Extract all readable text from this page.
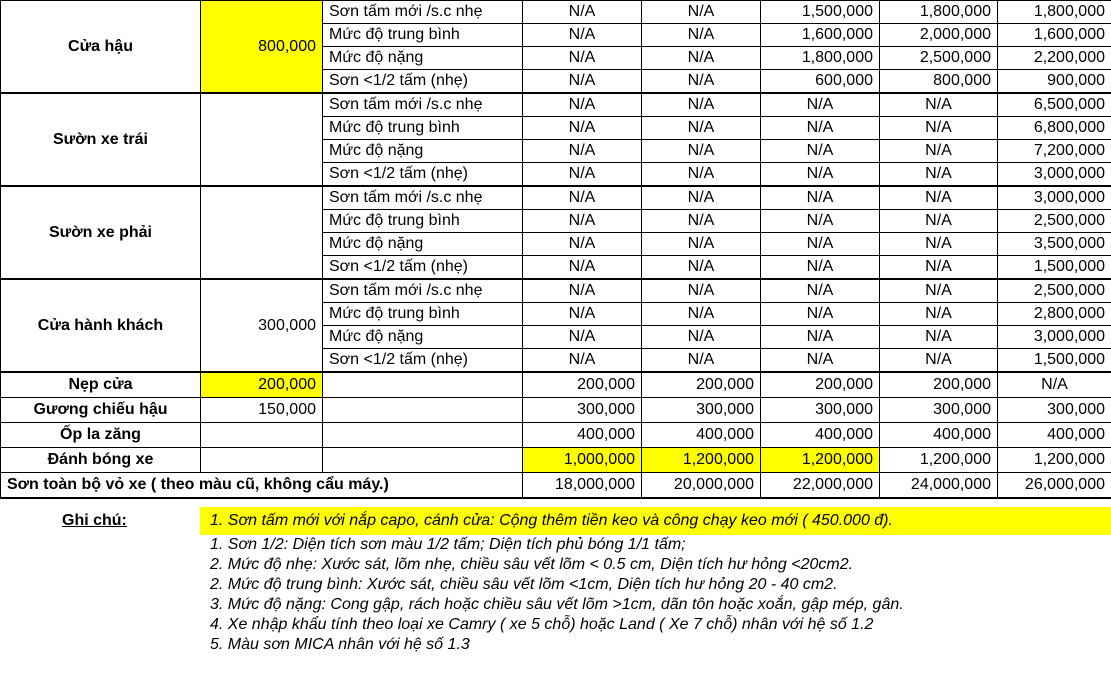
Cửa hậu	800,000	Sơn tấm mới /s.c nhẹ	N/A	N/A	1,500,000	1,800,000	1,800,000
		Mức độ trung bình	N/A	N/A	1,600,000	2,000,000	1,600,000
		Mức độ nặng	N/A	N/A	1,800,000	2,500,000	2,200,000
		Sơn <1/2 tấm (nhẹ)	N/A	N/A	600,000	800,000	900,000
Sườn xe trái		Sơn tấm mới /s.c nhẹ	N/A	N/A	N/A	N/A	6,500,000
		Mức độ trung bình	N/A	N/A	N/A	N/A	6,800,000
		Mức độ nặng	N/A	N/A	N/A	N/A	7,200,000
		Sơn <1/2 tấm (nhẹ)	N/A	N/A	N/A	N/A	3,000,000
Sườn xe phải		Sơn tấm mới /s.c nhẹ	N/A	N/A	N/A	N/A	3,000,000
		Mức độ trung bình	N/A	N/A	N/A	N/A	2,500,000
		Mức độ nặng	N/A	N/A	N/A	N/A	3,500,000
		Sơn <1/2 tấm (nhẹ)	N/A	N/A	N/A	N/A	1,500,000
Cửa hành khách	300,000	Sơn tấm mới /s.c nhẹ	N/A	N/A	N/A	N/A	2,500,000
		Mức độ trung bình	N/A	N/A	N/A	N/A	2,800,000
		Mức độ nặng	N/A	N/A	N/A	N/A	3,000,000
		Sơn <1/2 tấm (nhẹ)	N/A	N/A	N/A	N/A	1,500,000
Nẹp cửa	200,000		200,000	200,000	200,000	200,000	N/A
Gương chiếu hậu	150,000		300,000	300,000	300,000	300,000	300,000
Ốp la zăng			400,000	400,000	400,000	400,000	400,000
Đánh bóng xe			1,000,000	1,200,000	1,200,000	1,200,000	1,200,000
Sơn toàn bộ vỏ xe ( theo màu cũ, không cẩu máy.)			18,000,000	20,000,000	22,000,000	24,000,000	26,000,000
Ghi chú:	1. Sơn tấm mới với nắp capo, cánh cửa: Cộng thêm tiền keo và công chạy keo mới ( 450.000 đ).
1. Sơn 1/2: Diện tích sơn màu 1/2 tấm; Diện tích phủ bóng 1/1 tấm;
2. Mức độ nhẹ: Xước sát, lõm nhẹ, chiều sâu vết lõm < 0.5 cm, Diện tích hư hỏng <20cm2.
2. Mức độ trung bình: Xước sát, chiều sâu vết lõm <1cm, Diện tích hư hỏng 20 - 40 cm2.
3. Mức độ nặng: Cong gập, rách hoặc chiều sâu vết lõm >1cm, dãn tôn hoặc xoắn, gập mép, gân.
4. Xe nhập khẩu tính theo loại xe Camry ( xe 5 chỗ) hoặc Land ( Xe 7 chỗ) nhân với hệ số 1.2
5. Màu sơn MICA nhân với hệ số 1.3
